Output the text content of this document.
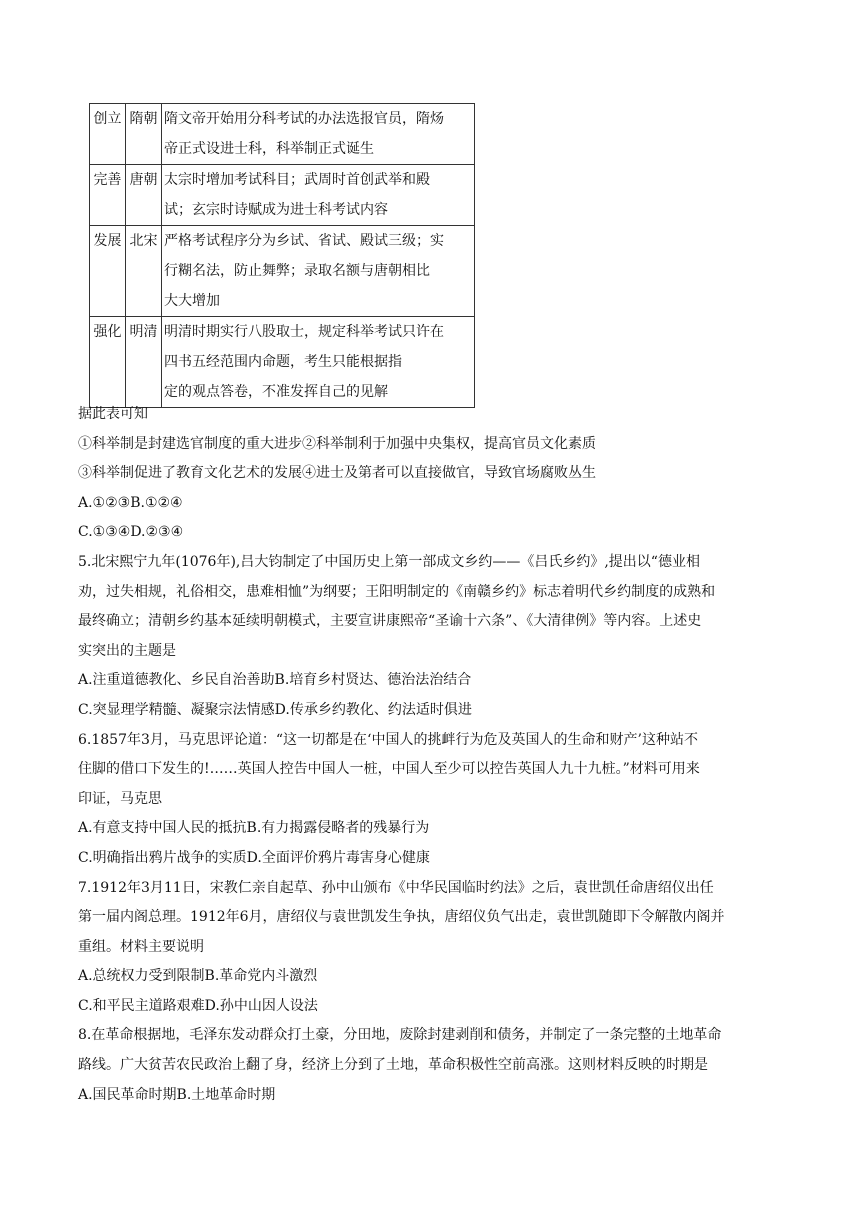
创立	隋朝	隋文帝开始用分科考试的办法选报官员，隋炀
帝正式设进士科，科举制正式诞生

完善	唐朝	太宗时增加考试科目；武周时首创武举和殿
试；玄宗时诗赋成为进士科考试内容

发展	北宋	严格考试程序分为乡试、省试、殿试三级；实
行糊名法，防止舞弊；录取名额与唐朝相比
大大增加

强化	明清	明清时期实行八股取士，规定科举考试只许在
四书五经范围内命题，考生只能根据指
定的观点答卷，不准发挥自己的见解
据此表可知
①科举制是封建选官制度的重大进步②科举制利于加强中央集权，提高官员文化素质
③科举制促进了教育文化艺术的发展④进士及第者可以直接做官，导致官场腐败丛生
A.①②③B.①②④
C.①③④D.②③④
5.北宋熙宁九年(1076年),吕大钧制定了中国历史上第一部成文乡约——《吕氏乡约》,提出以“德业相
劝，过失相规，礼俗相交，患难相恤”为纲要；王阳明制定的《南赣乡约》标志着明代乡约制度的成熟和
最终确立；清朝乡约基本延续明朝模式，主要宣讲康熙帝“圣谕十六条”、《大清律例》等内容。上述史
实突出的主题是
A.注重道德教化、乡民自治善助B.培育乡村贤达、德治法治结合
C.突显理学精髓、凝聚宗法情感D.传承乡约教化、约法适时俱进
6.1857年3月，马克思评论道：“这一切都是在‘中国人的挑衅行为危及英国人的生命和财产’这种站不
住脚的借口下发生的!……英国人控告中国人一桩，中国人至少可以控告英国人九十九桩。”材料可用来
印证，马克思
A.有意支持中国人民的抵抗B.有力揭露侵略者的残暴行为
C.明确指出鸦片战争的实质D.全面评价鸦片毒害身心健康
7.1912年3月11日，宋教仁亲自起草、孙中山颁布《中华民国临时约法》之后，袁世凯任命唐绍仪出任
第一届内阁总理。1912年6月，唐绍仪与袁世凯发生争执，唐绍仪负气出走，袁世凯随即下令解散内阁并
重组。材料主要说明
A.总统权力受到限制B.革命党内斗激烈
C.和平民主道路艰难D.孙中山因人设法
8.在革命根据地，毛泽东发动群众打土豪，分田地，废除封建剥削和债务，并制定了一条完整的土地革命
路线。广大贫苦农民政治上翻了身，经济上分到了土地，革命积极性空前高涨。这则材料反映的时期是
A.国民革命时期B.土地革命时期
